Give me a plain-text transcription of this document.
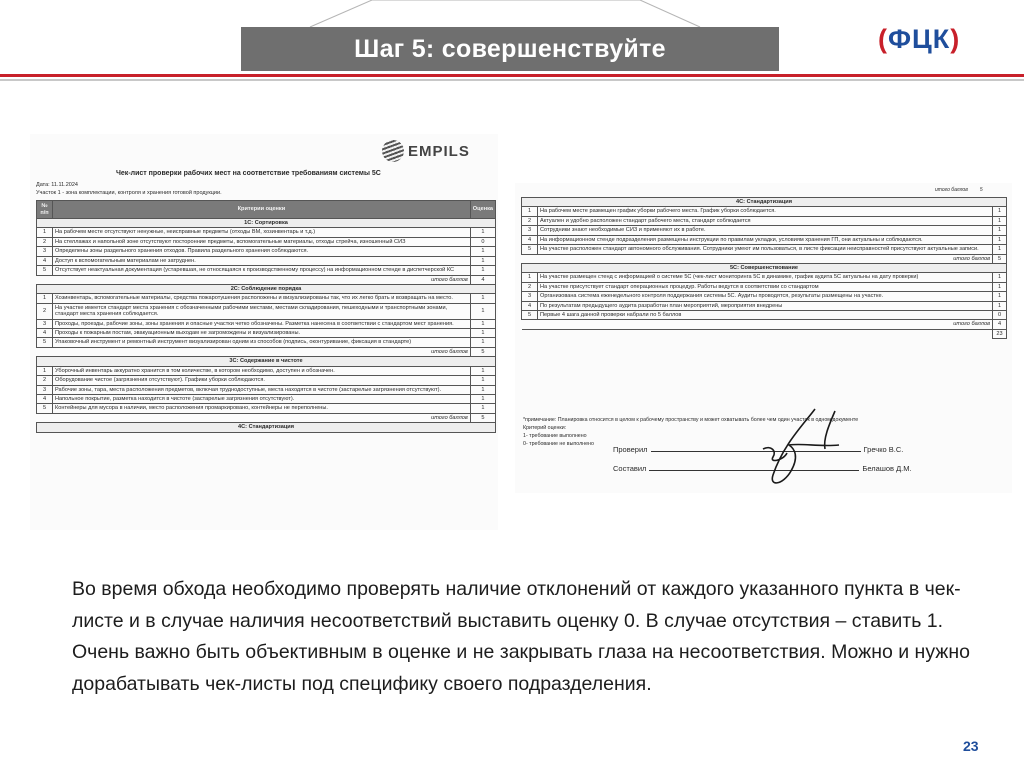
Шаг 5: совершенствуйте	( ФЦК )
EMPILS
Чек-лист проверки рабочих мест на соответствие требованиям системы 5С
Дата: 11.11.2024
Участок 1 - зона комплектации, контроля и хранения готовой продукции.
№ п/п	Критерии оценки	Оценка
1С: Сортировка		
1	На рабочем месте отсутствуют ненужные, неисправные предметы (отходы ВМ, хозинвентарь и т.д.)	1
2	На стеллажах и напольной зоне отсутствуют посторонние предметы, вспомогательные материалы, отходы стрейча, изношенный СИЗ	0
3	Определены зоны раздельного хранения отходов. Правила раздельного хранения соблюдаются.	1
4	Доступ к вспомогательным материалам не затруднен.	1
5	Отсутствует неактуальная документация (устаревшая, не относящаяся к производственному процессу) на информационном стенде в диспетчерской КС	1
итого баллов		4
2С: Соблюдение порядка		
1	Хозинвентарь, вспомогательные материалы, средства пожаротушения расположены и визуализированы так, что их легко брать и возвращать на место.	1
2	На участке имеется стандарт места хранения с обозначенными рабочими местами, местами складирования, пешеходными и транспортными зонами, стандарт места хранения соблюдается.	1
3	Проходы, проезды, рабочие зоны, зоны хранения и опасные участки четко обозначены. Разметка нанесена в соответствии с стандартом мест хранения.	1
4	Проходы к пожарным постам, эвакуационным выходам не загромождены и визуализированы.	1
5	Упаковочный инструмент и ремонтный инструмент визуализирован одним из способов (подпись, оконтуривание, фиксация в стандарте)	1
итого баллов		5
3С: Содержание в чистоте		
1	Уборочный инвентарь аккуратно хранится в том количестве, в котором необходимо, доступен и обозначен.	1
2	Оборудование чистое (загрязнения отсутствуют). Графики уборки соблюдаются.	1
3	Рабочие зоны, тара, места расположения предметов, включая труднодоступные, места находятся в чистоте (застарелые загрязнения отсутствуют).	1
4	Напольное покрытие, разметка находится в чистоте (застарелые загрязнения отсутствуют).	1
5	Контейнеры для мусора в наличии, место расположения промаркировано, контейнеры не переполнены.	1
итого баллов		5
4С: Стандартизация		
4С: Стандартизация		
1	На рабочем месте размещен график уборки рабочего места. График уборки соблюдается.	1
2	Актуален и удобно расположен стандарт рабочего места, стандарт соблюдается	1
3	Сотрудники знают необходимые СИЗ и применяют их в работе.	1
4	На информационном стенде подразделения размещены инструкции по правилам укладки, условиям хранения ГП, они актуальны и соблюдаются.	1
5	На участке расположен стандарт автономного обслуживания. Сотрудники умеют им пользоваться, в листе фиксации неисправностей присутствуют актуальные записи.	1
итого баллов		5
5С: Совершенствование		
1	На участке размещен стенд с информацией о системе 5С (чек-лист мониторинга 5С в динамике, график аудита 5С актуальны на дату проверки)	1
2	На участке присутствует стандарт операционных процедур. Работы ведутся в соответствии со стандартом	1
3	Организована система еженедельного контроля поддержания системы 5С. Аудиты проводятся, результаты размещены на участке.	1
4	По результатам предыдущего аудита разработан план мероприятий, мероприятия внедрены	1
5	Первые 4 шага данной проверки набрали по 5 баллов	0
итого баллов		4
		23
*примечание: Планировка относится в целом к рабочему пространству и может охватывать более чем один участок в одном документе
Критерий оценки:
1- требование выполнено
0- требование не выполнено
Проверил	Гречко В.С.
Составил	Белашов Д.М.
итого баллов 5
Во время обхода необходимо проверять наличие отклонений от каждого указанного пункта в чек-листе и в случае наличия несоответствий выставить оценку 0. В случае отсутствия – ставить 1. Очень важно быть объективным в оценке и не закрывать глаза на несоответствия. Можно и нужно дорабатывать чек-листы под специфику своего подразделения.
23
